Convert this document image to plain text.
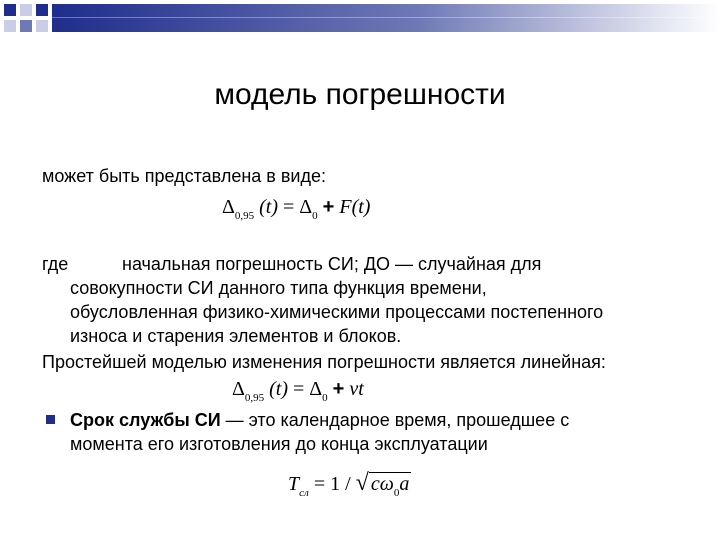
модель погрешности
может быть представлена в виде:
$\Delta_{0,95}$ $(t) = \Delta_0 + F(t)$
где	начальная погрешность СИ; ДО — случайная для
совокупности СИ данного типа функция времени,
обусловленная физико-химическими процессами постепенного
износа и старения элементов и блоков.
Простейшей моделью изменения погрешности является линейная:
$\Delta_{0,95}$ $(t) = \Delta_0 + \nu t$
Срок службы СИ — это календарное время, прошедшее с
момента его изготовления до конца эксплуатации
$T_{сл} = 1$ / √ $c\omega_0a$
